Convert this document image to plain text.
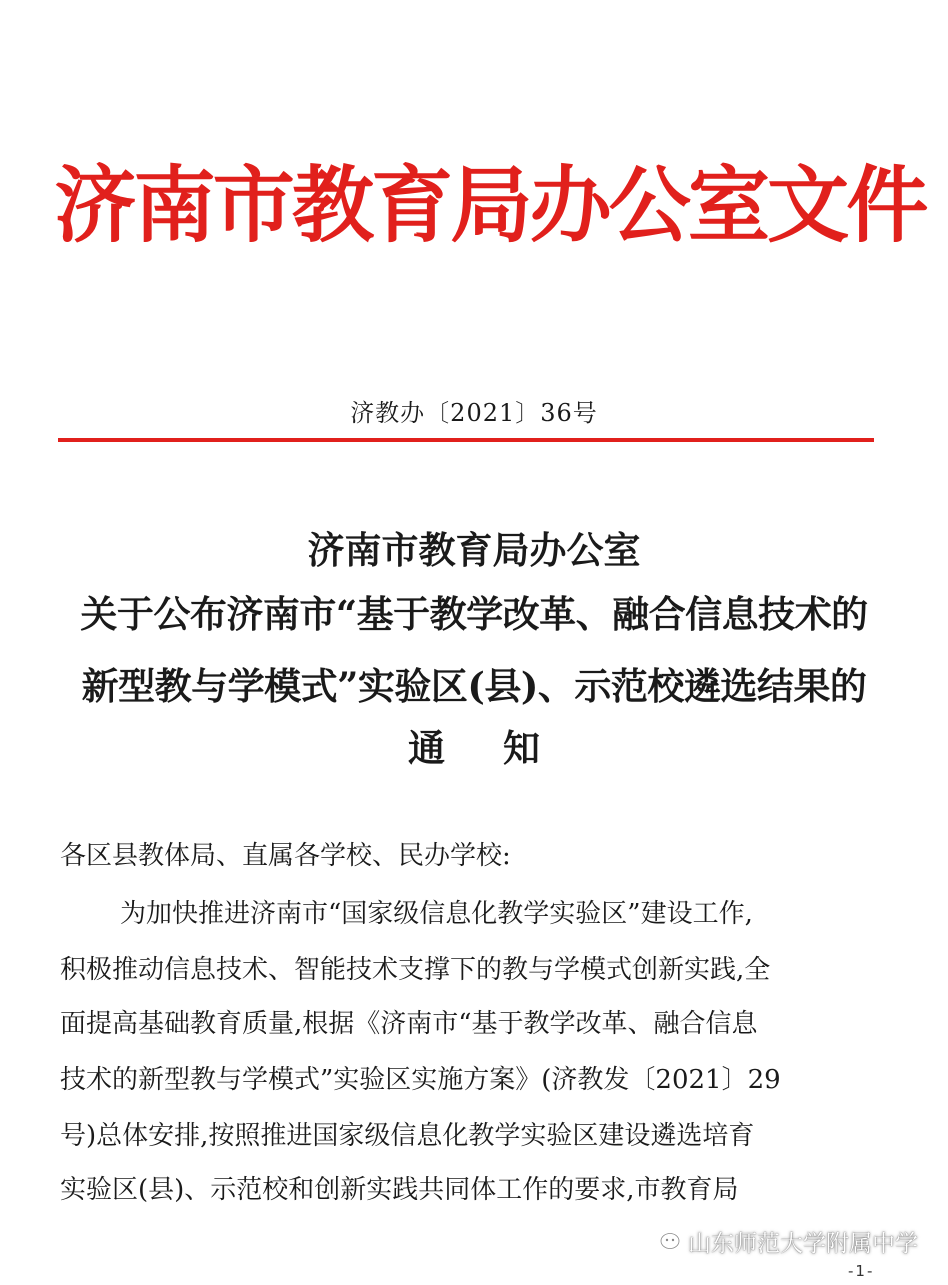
济南市教育局办公室文件
济教办〔2021〕36号
济南市教育局办公室
关于公布济南市“基于教学改革、融合信息技术的
新型教与学模式”实验区(县)、示范校遴选结果的
通知
各区县教体局、直属各学校、民办学校:
为加快推进济南市“国家级信息化教学实验区”建设工作,
积极推动信息技术、智能技术支撑下的教与学模式创新实践,全
面提高基础教育质量,根据《济南市“基于教学改革、融合信息
技术的新型教与学模式”实验区实施方案》(济教发〔2021〕29
号)总体安排,按照推进国家级信息化教学实验区建设遴选培育
实验区(县)、示范校和创新实践共同体工作的要求,市教育局
山东师范大学附属中学
-1-
